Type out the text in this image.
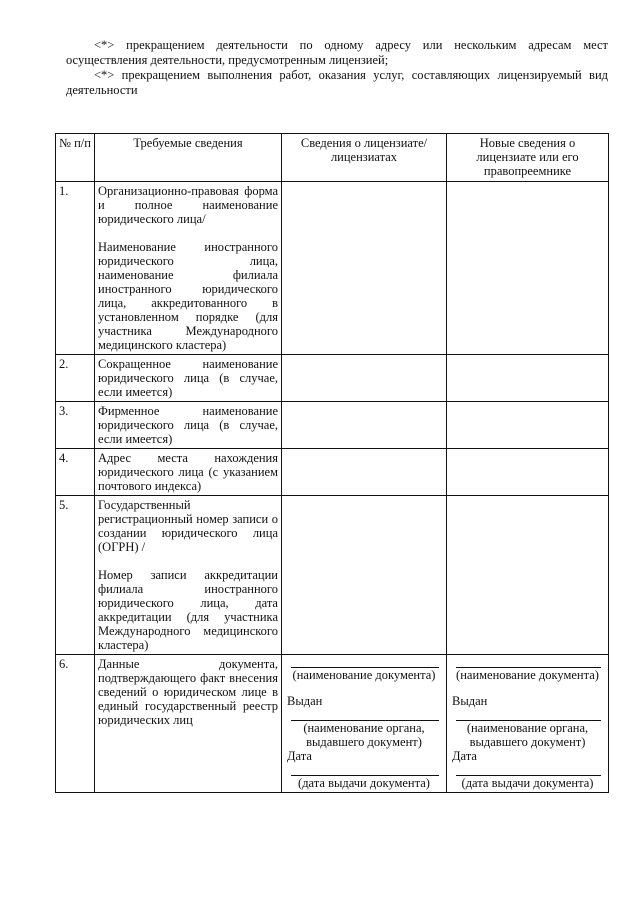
<*> прекращением деятельности по одному адресу или нескольким адресам мест осуществления деятельности, предусмотренным лицензией;

<*> прекращением выполнения работ, оказания услуг, составляющих лицензируемый вид деятельности

№ п/п	Требуемые сведения	Сведения о лицензиате/лицензиатах	Новые сведения о лицензиате или его правопреемнике
1.	Организационно-правовая форма и полное наименование юридического лица/

Наименование иностранного юридического лица, наименование филиала иностранного юридического лица, аккредитованного в установленном порядке (для участника Международного медицинского кластера)		

2.	Сокращенное наименование юридического лица (в случае, если имеется)		

3.	Фирменное наименование юридического лица (в случае, если имеется)		

4.	Адрес места нахождения юридического лица (с указанием почтового индекса)		

5.	Государственный регистрационный номер записи о создании юридического лица (ОГРН) /

Номер записи аккредитации филиала иностранного юридического лица, дата аккредитации (для участника Международного медицинского кластера)		

6.	Данные документа, подтверждающего факт внесения сведений о юридическом лице в единый государственный реестр юридических лиц	(наименование документа)
Выдан
(наименование органа, выдавшего документ)
Дата
(дата выдачи документа)	(наименование документа)
Выдан
(наименование органа, выдавшего документ)
Дата
(дата выдачи документа)
